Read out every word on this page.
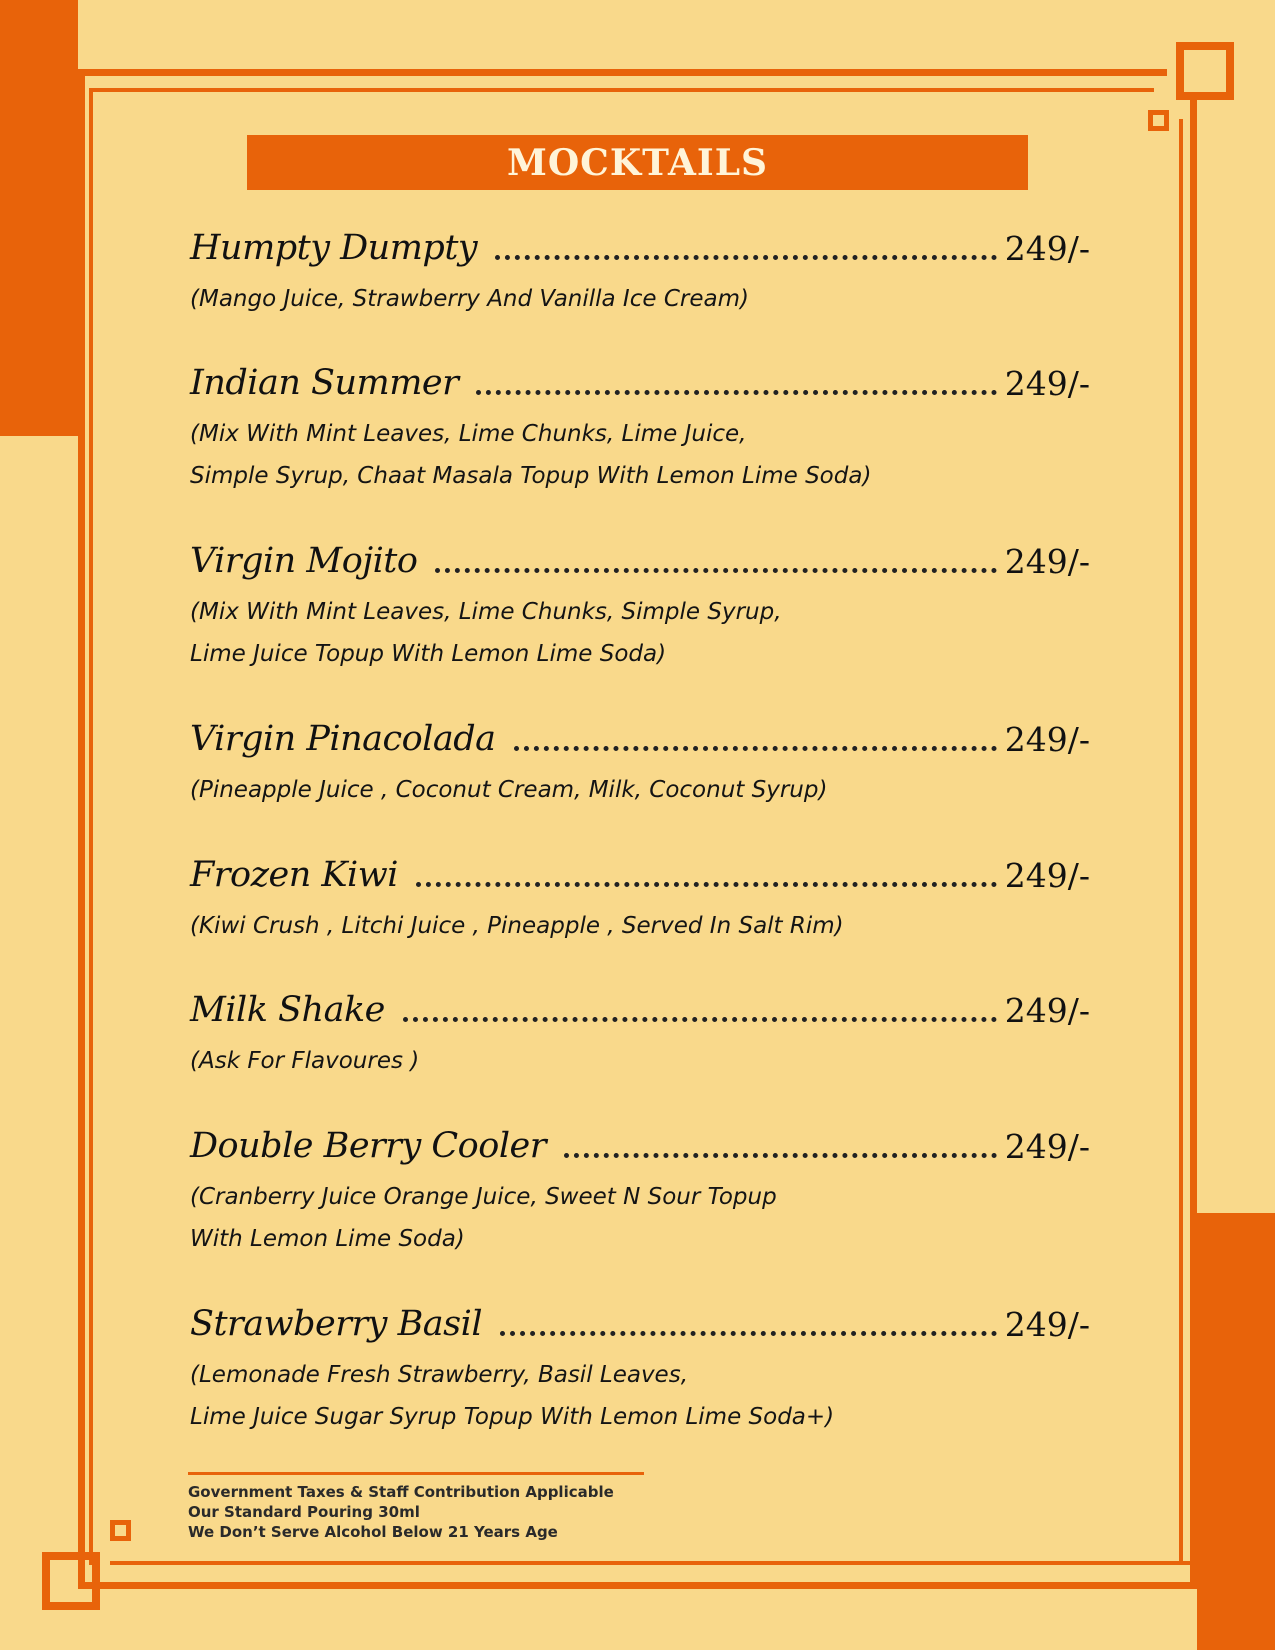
MOCKTAILS
Humpty Dumpty	249/-
(Mango Juice, Strawberry And Vanilla Ice Cream)
Indian Summer	249/-
(Mix With Mint Leaves, Lime Chunks, Lime Juice,
Simple Syrup, Chaat Masala Topup With Lemon Lime Soda)
Virgin Mojito	249/-
(Mix With Mint Leaves, Lime Chunks, Simple Syrup,
Lime Juice Topup With Lemon Lime Soda)
Virgin Pinacolada	249/-
(Pineapple Juice , Coconut Cream, Milk, Coconut Syrup)
Frozen Kiwi	249/-
(Kiwi Crush , Litchi Juice , Pineapple , Served In Salt Rim)
Milk Shake	249/-
(Ask For Flavoures )
Double Berry Cooler	249/-
(Cranberry Juice Orange Juice, Sweet N Sour Topup
With Lemon Lime Soda)
Strawberry Basil	249/-
(Lemonade Fresh Strawberry, Basil Leaves,
Lime Juice Sugar Syrup Topup With Lemon Lime Soda+)
Government Taxes & Staff Contribution Applicable
Our Standard Pouring 30ml
We Don’t Serve Alcohol Below 21 Years Age
